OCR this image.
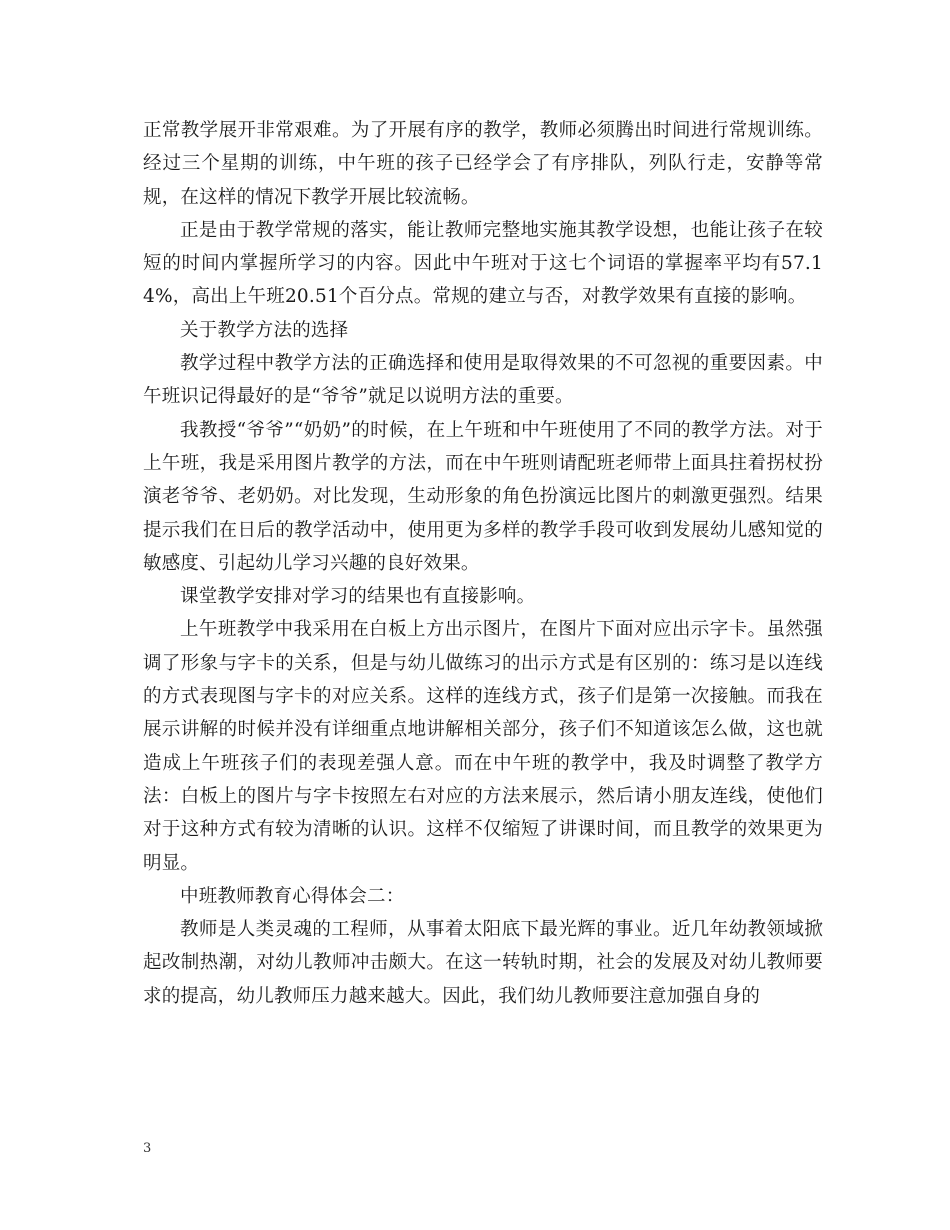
正常教学展开非常艰难。为了开展有序的教学，教师必须腾出时间进行常规训练。经过三个星期的训练，中午班的孩子已经学会了有序排队，列队行走，安静等常规，在这样的情况下教学开展比较流畅。

正是由于教学常规的落实，能让教师完整地实施其教学设想，也能让孩子在较短的时间内掌握所学习的内容。因此中午班对于这七个词语的掌握率平均有57.14%，高出上午班20.51个百分点。常规的建立与否，对教学效果有直接的影响。

关于教学方法的选择

教学过程中教学方法的正确选择和使用是取得效果的不可忽视的重要因素。中午班识记得最好的是“爷爷”就足以说明方法的重要。

我教授“爷爷”“奶奶”的时候，在上午班和中午班使用了不同的教学方法。对于上午班，我是采用图片教学的方法，而在中午班则请配班老师带上面具拄着拐杖扮演老爷爷、老奶奶。对比发现，生动形象的角色扮演远比图片的刺激更强烈。结果提示我们在日后的教学活动中，使用更为多样的教学手段可收到发展幼儿感知觉的敏感度、引起幼儿学习兴趣的良好效果。

课堂教学安排对学习的结果也有直接影响。

上午班教学中我采用在白板上方出示图片，在图片下面对应出示字卡。虽然强调了形象与字卡的关系，但是与幼儿做练习的出示方式是有区别的：练习是以连线的方式表现图与字卡的对应关系。这样的连线方式，孩子们是第一次接触。而我在展示讲解的时候并没有详细重点地讲解相关部分，孩子们不知道该怎么做，这也就造成上午班孩子们的表现差强人意。而在中午班的教学中，我及时调整了教学方法：白板上的图片与字卡按照左右对应的方法来展示，然后请小朋友连线，使他们对于这种方式有较为清晰的认识。这样不仅缩短了讲课时间，而且教学的效果更为明显。

中班教师教育心得体会二：

教师是人类灵魂的工程师，从事着太阳底下最光辉的事业。近几年幼教领域掀起改制热潮，对幼儿教师冲击颇大。在这一转轨时期，社会的发展及对幼儿教师要求的提高，幼儿教师压力越来越大。因此，我们幼儿教师要注意加强自身的

3
